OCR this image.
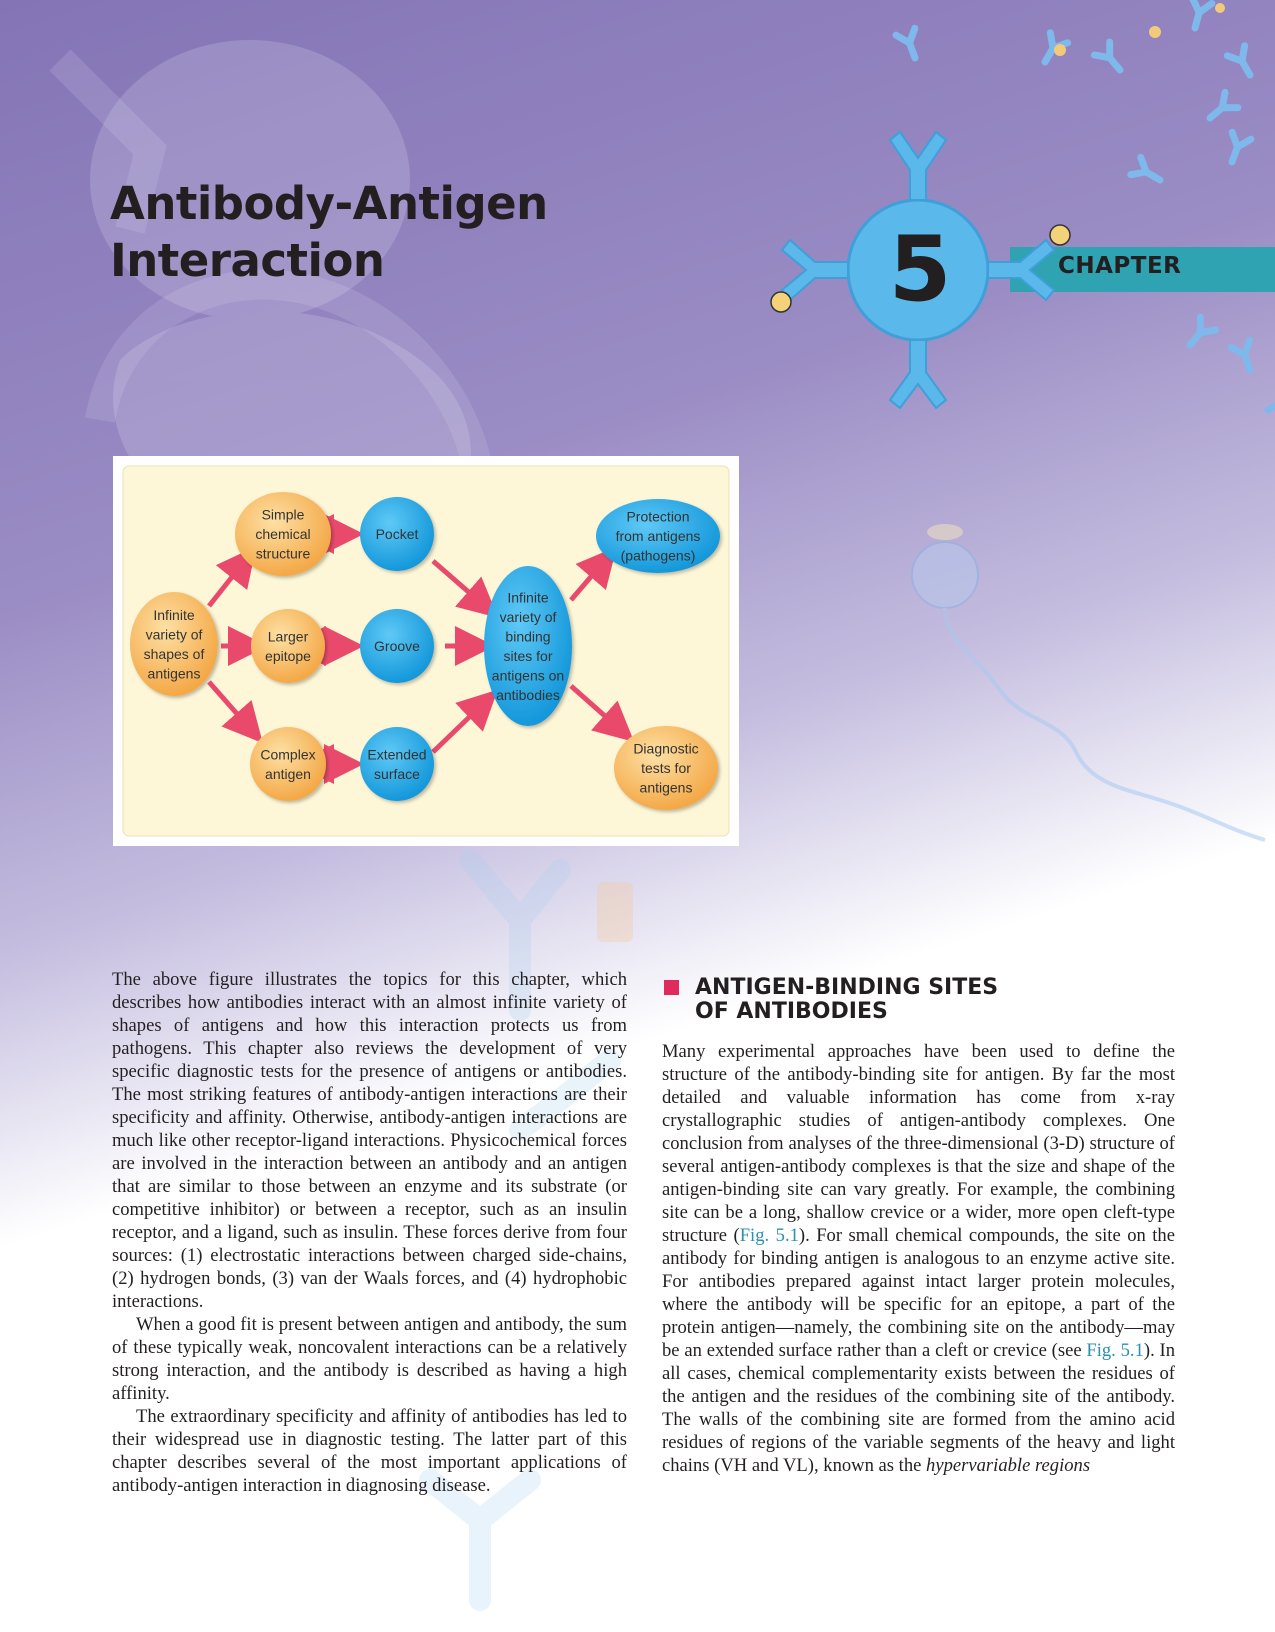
Antibody-Antigen
Interaction	5	CHAPTER
Infinite variety of shapes of antigens
Simple chemical structure
Larger epitope
Complex antigen
Pocket
Groove
Extended surface
Infinite variety of binding sites for antigens on antibodies
Protection from antigens (pathogens)
Diagnostic tests for antigens

The above figure illustrates the topics for this chapter, which describes how antibodies interact with an almost infinite variety of shapes of antigens and how this interaction protects us from pathogens. This chapter also reviews the development of very specific diagnostic tests for the presence of antigens or antibodies. The most striking features of antibody-antigen interactions are their specificity and affinity. Otherwise, antibody-antigen interactions are much like other receptor-ligand interactions. Physicochemical forces are involved in the interaction between an antibody and an antigen that are similar to those between an enzyme and its substrate (or competitive inhibitor) or between a receptor, such as an insulin receptor, and a ligand, such as insulin. These forces derive from four sources: (1) electrostatic interactions between charged side-chains, (2) hydrogen bonds, (3) van der Waals forces, and (4) hydrophobic interactions.

When a good fit is present between antigen and antibody, the sum of these typically weak, noncovalent interactions can be a relatively strong interaction, and the antibody is described as having a high affinity.

The extraordinary specificity and affinity of antibodies has led to their widespread use in diagnostic testing. The latter part of this chapter describes several of the most important applications of antibody-antigen interaction in diagnosing disease.

ANTIGEN-BINDING SITES
OF ANTIBODIES

Many experimental approaches have been used to define the structure of the antibody-binding site for antigen. By far the most detailed and valuable information has come from x-ray crystallographic studies of antigen-antibody complexes. One conclusion from analyses of the three-dimensional (3-D) structure of several antigen-antibody complexes is that the size and shape of the antigen-binding site can vary greatly. For example, the combining site can be a long, shallow crevice or a wider, more open cleft-type structure (Fig. 5.1). For small chemical compounds, the site on the antibody for binding antigen is analogous to an enzyme active site. For antibodies prepared against intact larger protein molecules, where the antibody will be specific for an epitope, a part of the protein antigen—namely, the combining site on the antibody—may be an extended surface rather than a cleft or crevice (see Fig. 5.1). In all cases, chemical complementarity exists between the residues of the antigen and the residues of the combining site of the antibody. The walls of the combining site are formed from the amino acid residues of regions of the variable segments of the heavy and light chains (VH and VL), known as the hypervariable regions
